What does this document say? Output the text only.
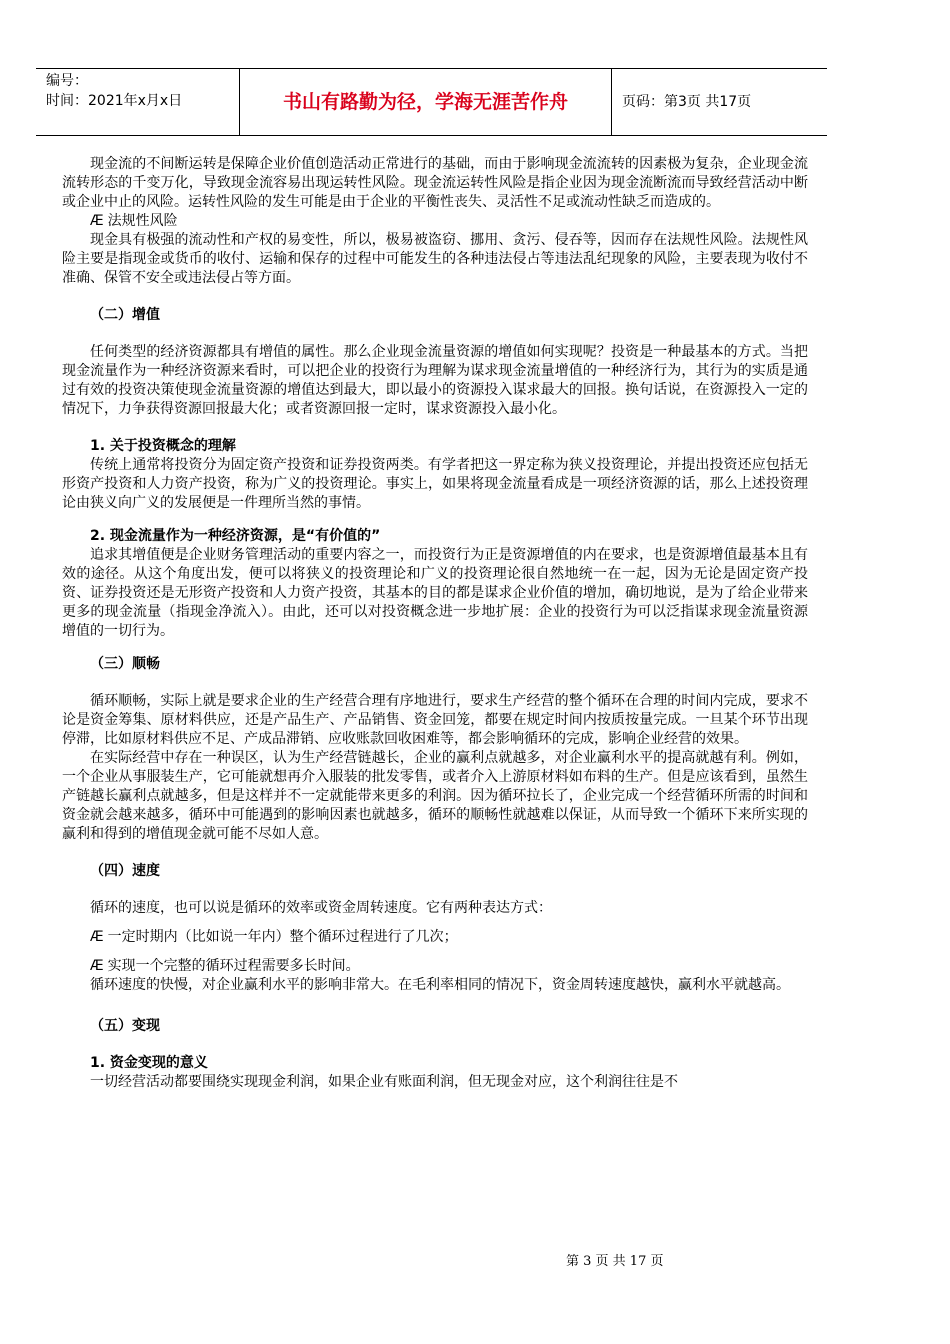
编号：
时间：2021年x月x日	书山有路勤为径，学海无涯苦作舟	页码：第3页 共17页

现金流的不间断运转是保障企业价值创造活动正常进行的基础，而由于影响现金流流转的因素极为复杂，企业现金流流转形态的千变万化，导致现金流容易出现运转性风险。现金流运转性风险是指企业因为现金流断流而导致经营活动中断或企业中止的风险。运转性风险的发生可能是由于企业的平衡性丧失、灵活性不足或流动性缺乏而造成的。

Æ 法规性风险

现金具有极强的流动性和产权的易变性，所以，极易被盗窃、挪用、贪污、侵吞等，因而存在法规性风险。法规性风险主要是指现金或货币的收付、运输和保存的过程中可能发生的各种违法侵占等违法乱纪现象的风险，主要表现为收付不准确、保管不安全或违法侵占等方面。

（二）增值

任何类型的经济资源都具有增值的属性。那么企业现金流量资源的增值如何实现呢？投资是一种最基本的方式。当把现金流量作为一种经济资源来看时，可以把企业的投资行为理解为谋求现金流量增值的一种经济行为，其行为的实质是通过有效的投资决策使现金流量资源的增值达到最大，即以最小的资源投入谋求最大的回报。换句话说，在资源投入一定的情况下，力争获得资源回报最大化；或者资源回报一定时，谋求资源投入最小化。

1. 关于投资概念的理解

传统上通常将投资分为固定资产投资和证券投资两类。有学者把这一界定称为狭义投资理论，并提出投资还应包括无形资产投资和人力资产投资，称为广义的投资理论。事实上，如果将现金流量看成是一项经济资源的话，那么上述投资理论由狭义向广义的发展便是一件理所当然的事情。

2. 现金流量作为一种经济资源，是“有价值的”

追求其增值便是企业财务管理活动的重要内容之一，而投资行为正是资源增值的内在要求，也是资源增值最基本且有效的途径。从这个角度出发，便可以将狭义的投资理论和广义的投资理论很自然地统一在一起，因为无论是固定资产投资、证券投资还是无形资产投资和人力资产投资，其基本的目的都是谋求企业价值的增加，确切地说，是为了给企业带来更多的现金流量（指现金净流入）。由此，还可以对投资概念进一步地扩展：企业的投资行为可以泛指谋求现金流量资源增值的一切行为。

（三）顺畅

循环顺畅，实际上就是要求企业的生产经营合理有序地进行，要求生产经营的整个循环在合理的时间内完成，要求不论是资金筹集、原材料供应，还是产品生产、产品销售、资金回笼，都要在规定时间内按质按量完成。一旦某个环节出现停滞，比如原材料供应不足、产成品滞销、应收账款回收困难等，都会影响循环的完成，影响企业经营的效果。

在实际经营中存在一种误区，认为生产经营链越长，企业的赢利点就越多，对企业赢利水平的提高就越有利。例如，一个企业从事服装生产，它可能就想再介入服装的批发零售，或者介入上游原材料如布料的生产。但是应该看到，虽然生产链越长赢利点就越多，但是这样并不一定就能带来更多的利润。因为循环拉长了，企业完成一个经营循环所需的时间和资金就会越来越多，循环中可能遇到的影响因素也就越多，循环的顺畅性就越难以保证，从而导致一个循环下来所实现的赢利和得到的增值现金就可能不尽如人意。

（四）速度

循环的速度，也可以说是循环的效率或资金周转速度。它有两种表达方式：

Æ 一定时期内（比如说一年内）整个循环过程进行了几次；

Æ 实现一个完整的循环过程需要多长时间。

循环速度的快慢，对企业赢利水平的影响非常大。在毛利率相同的情况下，资金周转速度越快，赢利水平就越高。

（五）变现
1. 资金变现的意义

一切经营活动都要围绕实现现金利润，如果企业有账面利润，但无现金对应，这个利润往往是不

第 3 页 共 17 页
